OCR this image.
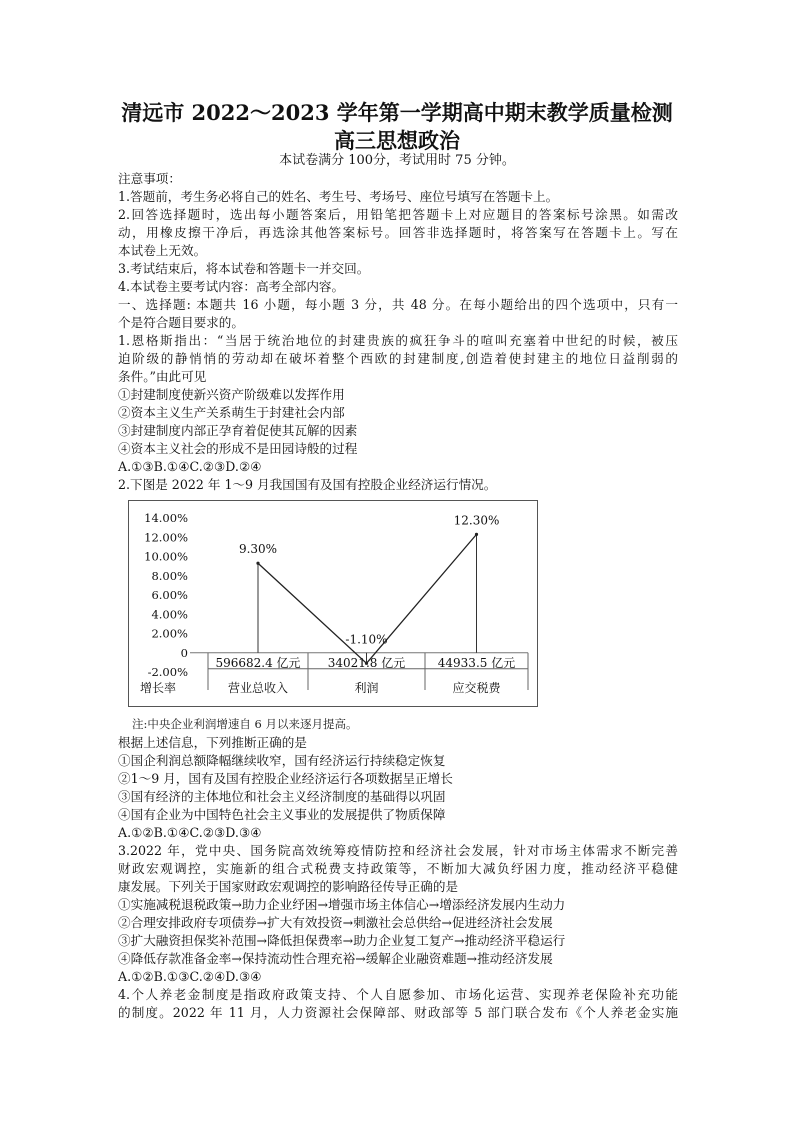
清远市 2022～2023 学年第一学期高中期末教学质量检测
高三思想政治
本试卷满分 100分，考试用时 75 分钟。
注意事项：
1.答题前，考生务必将自己的姓名、考生号、考场号、座位号填写在答题卡上。
2.回答选择题时，选出每小题答案后，用铅笔把答题卡上对应题目的答案标号涂黑。如需改
动，用橡皮擦干净后，再选涂其他答案标号。回答非选择题时，将答案写在答题卡上。写在
本试卷上无效。
3.考试结束后，将本试卷和答题卡一并交回。
4.本试卷主要考试内容：高考全部内容。
一、选择题: 本题共 16 小题，每小题 3 分，共 48 分。在每小题给出的四个选项中，只有一
个是符合题目要求的。
1.恩格斯指出：“当居于统治地位的封建贵族的疯狂争斗的喧叫充塞着中世纪的时候，被压
迫阶级的静悄悄的劳动却在破坏着整个西欧的封建制度,创造着使封建主的地位日益削弱的
条件。”由此可见
①封建制度使新兴资产阶级难以发挥作用
②资本主义生产关系萌生于封建社会内部
③封建制度内部正孕育着促使其瓦解的因素
④资本主义社会的形成不是田园诗般的过程
A.①③B.①④C.②③D.②④
2.下图是 2022 年 1～9 月我国国有及国有控股企业经济运行情况。
14.00%
12.00%
10.00%
8.00%
6.00%
4.00%
2.00%
0
-2.00%
9.30%
-1.10%
12.30%
596682.4 亿元
营业总收入
34021.8 亿元
利润
44933.5 亿元
应交税费
增长率
注:中央企业利润增速自 6 月以来逐月提高。
根据上述信息，下列推断正确的是
①国企利润总额降幅继续收窄，国有经济运行持续稳定恢复
②1～9 月，国有及国有控股企业经济运行各项数据呈正增长
③国有经济的主体地位和社会主义经济制度的基础得以巩固
④国有企业为中国特色社会主义事业的发展提供了物质保障
A.①②B.①④C.②③D.③④
3.2022 年，党中央、国务院高效统筹疫情防控和经济社会发展，针对市场主体需求不断完善
财政宏观调控，实施新的组合式税费支持政策等，不断加大减负纾困力度，推动经济平稳健
康发展。下列关于国家财政宏观调控的影响路径传导正确的是
①实施减税退税政策→助力企业纾困→增强市场主体信心→增添经济发展内生动力
②合理安排政府专项债券→扩大有效投资→刺激社会总供给→促进经济社会发展
③扩大融资担保奖补范围→降低担保费率→助力企业复工复产→推动经济平稳运行
④降低存款准备金率→保持流动性合理充裕→缓解企业融资难题→推动经济发展
A.①②B.①③C.②④D.③④
4.个人养老金制度是指政府政策支持、个人自愿参加、市场化运营、实现养老保险补充功能
的制度。2022 年 11 月，人力资源社会保障部、财政部等 5 部门联合发布《个人养老金实施
